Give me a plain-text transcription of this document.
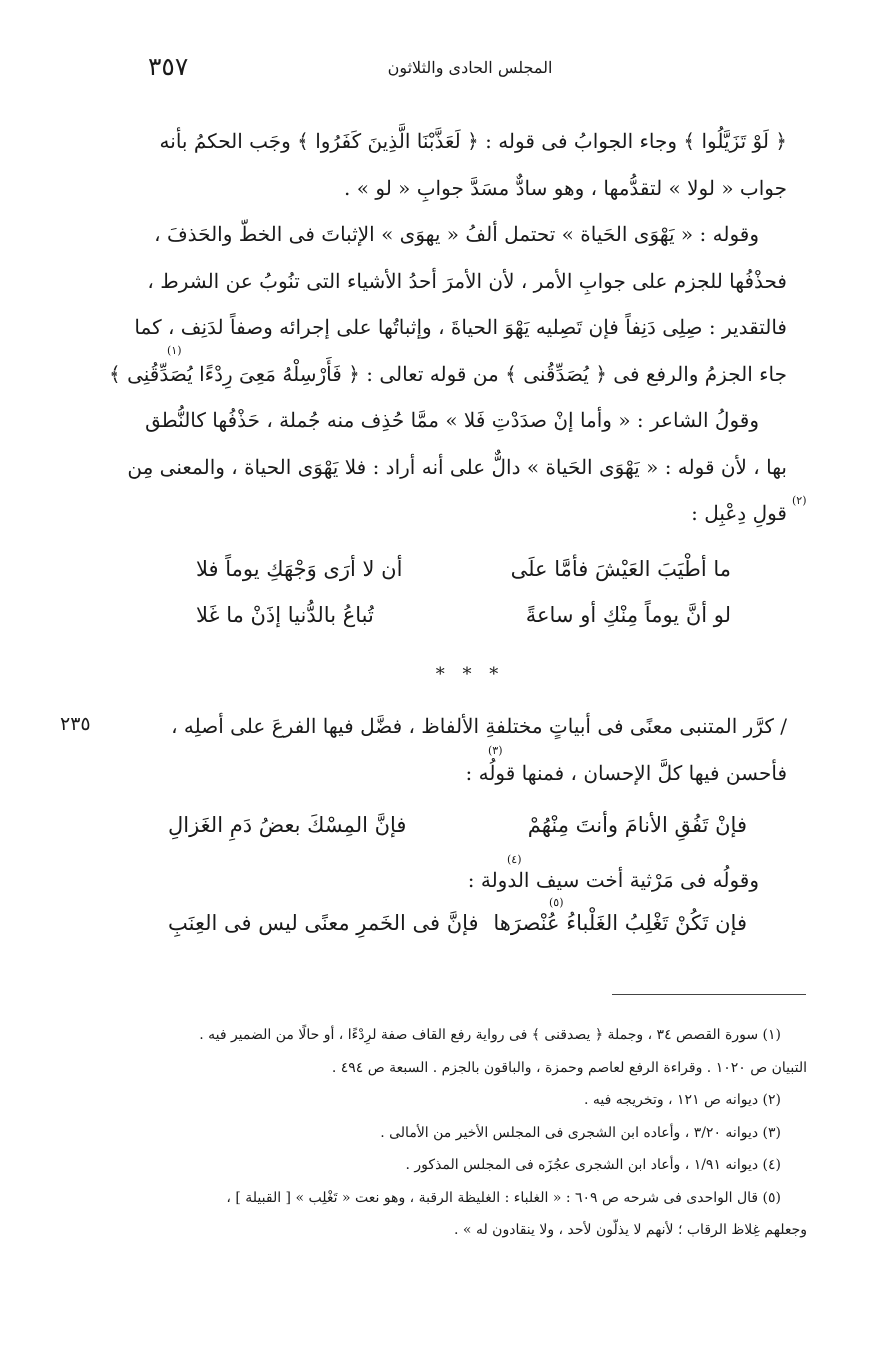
٣٥٧	المجلس الحادى والثلاثون

﴿ لَوْ تَزَيَّلُوا ﴾ وجاء الجوابُ فى قوله : ﴿ لَعَذَّبْنَا الَّذِينَ كَفَرُوا ﴾ وجَب الحكمُ بأنه

جواب « لولا » لتقدُّمها ، وهو سادٌّ مسَدَّ جوابِ « لو » .

وقوله : « يَهْوَى الحَياة » تحتمل ألفُ « يهوَى » الإثباتَ فى الخطّ والحَذفَ ،

فحذْفُها للجزم على جوابِ الأمر ، لأن الأمرَ أحدُ الأشياء التى تنُوبُ عن الشرط ،

فالتقدير : صِلِى دَنِفاً فإن تَصِليه يَهْوَ الحياةَ ، وإثباتُها على إجرائه وصفاً لدَنِف ، كما

جاء الجزمُ والرفع فى ﴿ يُصَدِّقُنى ﴾ من قوله تعالى : ﴿ فَأَرْسِلْهُ مَعِىَ رِدْءًا يُصَدِّقُنِى ﴾

وقولُ الشاعر : « وأما إنْ صدَدْتِ فَلا » ممَّا حُذِف منه جُملة ، حَذْفُها كالنُّطق

بها ، لأن قوله : « يَهْوَى الحَياة » دالٌّ على أنه أراد : فلا يَهْوَى الحياة ، والمعنى مِن

قولِ دِعْبِل :

ما أطْيَبَ العَيْشَ فأمَّا علَى
أن لا أرَى وَجْهَكِ يوماً فلا
لو أنَّ يوماً مِنْكِ أو ساعةً
تُباعُ بالدُّنيا إذَنْ ما غَلا
* * *
٢٣٥	/ كرَّر المتنبى معنًى فى أبياتٍ مختلفةِ الألفاظ ، فضَّل فيها الفرعَ على أصلِه ،

فأحسن فيها كلَّ الإحسان ، فمنها قولُه :

فإنْ تَفُقِ الأنامَ وأنتَ مِنْهُمْ
فإنَّ المِسْكَ بعضُ دَمِ الغَزالِ

وقولُه فى مَرْثية أخت سيف الدولة :

فإن تَكُنْ تَغْلِبُ الغَلْباءُ عُنْصرَها
فإنَّ فى الخَمرِ معنًى ليس فى العِنَبِ

(١) سورة القصص ٣٤ ، وجملة ﴿ يصدقنى ﴾ فى رواية رفع القاف صفة لرِدْءًا ، أو حالًا من الضمير فيه .

التبيان ص ١٠٢٠ . وقراءة الرفع لعاصم وحمزة ، والباقون بالجزم . السبعة ص ٤٩٤ .

(٢) ديوانه ص ١٢١ ، وتخريجه فيه .

(٣) ديوانه ٣/٢٠ ، وأعاده ابن الشجرى فى المجلس الأخير من الأمالى .

(٤) ديوانه ١/٩١ ، وأعاد ابن الشجرى عجُزَه فى المجلس المذكور .

(٥) قال الواحدى فى شرحه ص ٦٠٩ : « الغلباء : الغليظة الرقبة ، وهو نعت « تَغْلِب » [ القبيلة ] ،

وجعلهم غِلاظ الرقاب ؛ لأنهم لا يذلّون لأحد ، ولا ينقادون له » .

(١)
(٢)
(٣)
(٤)
(٥)
